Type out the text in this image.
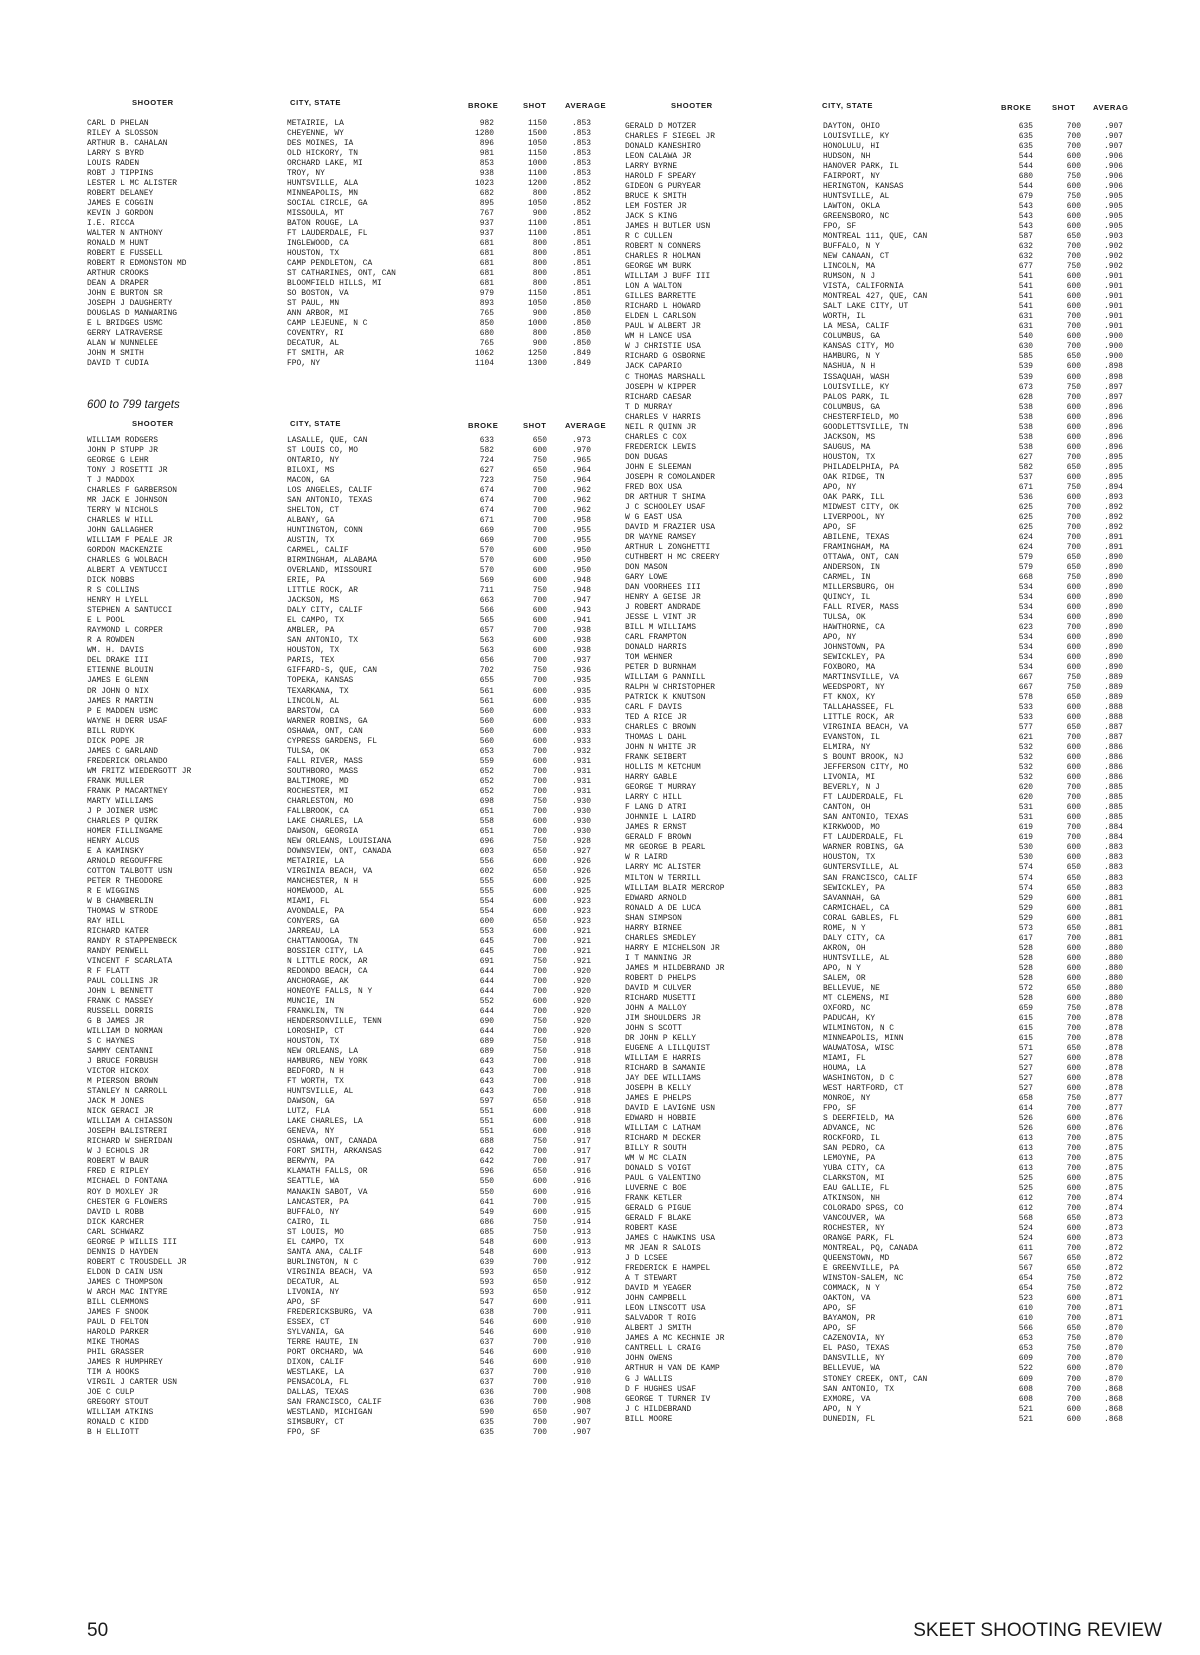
SHOOTER	CITY, STATE	BROKE	SHOT AVERAGE
CARL D PHELAN	METAIRIE, LA	982	1150	.853
RILEY A SLOSSON	CHEYENNE, WY	1280	1500	.853
ARTHUR B. CAHALAN	DES MOINES, IA	896	1050	.853
LARRY S BYRD	OLD HICKORY, TN	981	1150	.853
LOUIS RADEN	ORCHARD LAKE, MI	853	1000	.853
ROBT J TIPPINS	TROY, NY	938	1100	.853
LESTER L MC ALISTER	HUNTSVILLE, ALA	1023	1200	.852
ROBERT DELANEY	MINNEAPOLIS, MN	682	800	.852
JAMES E COGGIN	SOCIAL CIRCLE, GA	895	1050	.852
KEVIN J GORDON	MISSOULA, MT	767	900	.852
I.E. RICCA	BATON ROUGE, LA	937	1100	.851
WALTER N ANTHONY	FT LAUDERDALE, FL	937	1100	.851
RONALD M HUNT	INGLEWOOD, CA	681	800	.851
ROBERT E FUSSELL	HOUSTON, TX	681	800	.851
ROBERT R EDMONSTON MD	CAMP PENDLETON, CA	681	800	.851
ARTHUR CROOKS	ST CATHARINES, ONT, CAN	681	800	.851
DEAN A DRAPER	BLOOMFIELD HILLS, MI	681	800	.851
JOHN E BURTON SR	SO BOSTON, VA	979	1150	.851
JOSEPH J DAUGHERTY	ST PAUL, MN	893	1050	.850
DOUGLAS D MANWARING	ANN ARBOR, MI	765	900	.850
E L BRIDGES USMC	CAMP LEJEUNE, N C	850	1000	.850
GERRY LATRAVERSE	COVENTRY, RI	680	800	.850
ALAN W NUNNELEE	DECATUR, AL	765	900	.850
JOHN M SMITH	FT SMITH, AR	1062	1250	.849
DAVID T CUDIA	FPO, NY	1104	1300	.849
SHOOTER	CITY, STATE	BROKE	SHOT AVERAGE
WILLIAM RODGERS	LASALLE, QUE, CAN	633	650	.973
JOHN P STUPP JR	ST LOUIS CO, MO	582	600	.970
GEORGE G LEHR	ONTARIO, NY	724	750	.965
TONY J ROSETTI JR	BILOXI, MS	627	650	.964
T J MADDOX	MACON, GA	723	750	.964
CHARLES F GARBERSON	LOS ANGELES, CALIF	674	700	.962
MR JACK E JOHNSON	SAN ANTONIO, TEXAS	674	700	.962
TERRY W NICHOLS	SHELTON, CT	674	700	.962
CHARLES W HILL	ALBANY, GA	671	700	.958
JOHN GALLAGHER	HUNTINGTON, CONN	669	700	.955
WILLIAM F PEALE JR	AUSTIN, TX	669	700	.955
GORDON MACKENZIE	CARMEL, CALIF	570	600	.950
CHARLES G WOLBACH	BIRMINGHAM, ALABAMA	570	600	.950
ALBERT A VENTUCCI	OVERLAND, MISSOURI	570	600	.950
DICK NOBBS	ERIE, PA	569	600	.948
R S COLLINS	LITTLE ROCK, AR	711	750	.948
HENRY H LYELL	JACKSON, MS	663	700	.947
STEPHEN A SANTUCCI	DALY CITY, CALIF	566	600	.943
E L POOL	EL CAMPO, TX	565	600	.941
RAYMOND L CORPER	AMBLER, PA	657	700	.938
R A ROWDEN	SAN ANTONIO, TX	563	600	.938
WM. H. DAVIS	HOUSTON, TX	563	600	.938
DEL DRAKE III	PARIS, TEX	656	700	.937
ETIENNE BLOUIN	GIFFARD-S, QUE, CAN	702	750	.936
JAMES E GLENN	TOPEKA, KANSAS	655	700	.935
DR JOHN O NIX	TEXARKANA, TX	561	600	.935
JAMES R MARTIN	LINCOLN, AL	561	600	.935
P E MADDEN USMC	BARSTOW, CA	560	600	.933
WAYNE H DERR USAF	WARNER ROBINS, GA	560	600	.933
BILL RUDYK	OSHAWA, ONT, CAN	560	600	.933
DICK POPE JR	CYPRESS GARDENS, FL	560	600	.933
JAMES C GARLAND	TULSA, OK	653	700	.932
FREDERICK ORLANDO	FALL RIVER, MASS	559	600	.931
WM FRITZ WIEDERGOTT JR	SOUTHBORO, MASS	652	700	.931
FRANK MULLER	BALTIMORE, MD	652	700	.931
FRANK P MACARTNEY	ROCHESTER, MI	652	700	.931
MARTY WILLIAMS	CHARLESTON, MO	698	750	.930
J P JOINER USMC	FALLBROOK, CA	651	700	.930
CHARLES P QUIRK	LAKE CHARLES, LA	558	600	.930
HOMER FILLINGAME	DAWSON, GEORGIA	651	700	.930
HENRY ALCUS	NEW ORLEANS, LOUISIANA	696	750	.928
E A KAMINSKY	DOWNSVIEW, ONT, CANADA	603	650	.927
ARNOLD REGOUFFRE	METAIRIE, LA	556	600	.926
COTTON TALBOTT USN	VIRGINIA BEACH, VA	602	650	.926
PETER R THEODORE	MANCHESTER, N H	555	600	.925
R E WIGGINS	HOMEWOOD, AL	555	600	.925
W B CHAMBERLIN	MIAMI, FL	554	600	.923
THOMAS W STRODE	AVONDALE, PA	554	600	.923
RAY HILL	CONYERS, GA	600	650	.923
RICHARD KATER	JARREAU, LA	553	600	.921
RANDY R STAPPENBECK	CHATTANOOGA, TN	645	700	.921
RANDY PENWELL	BOSSIER CITY, LA	645	700	.921
VINCENT F SCARLATA	N LITTLE ROCK, AR	691	750	.921
R F FLATT	REDONDO BEACH, CA	644	700	.920
PAUL COLLINS JR	ANCHORAGE, AK	644	700	.920
JOHN L BENNETT	HONEOYE FALLS, N Y	644	700	.920
FRANK C MASSEY	MUNCIE, IN	552	600	.920
RUSSELL DORRIS	FRANKLIN, TN	644	700	.920
G B JAMES JR	HENDERSONVILLE, TENN	690	750	.920
WILLIAM D NORMAN	LOROSHIP, CT	644	700	.920
S C HAYNES	HOUSTON, TX	689	750	.918
SAMMY CENTANNI	NEW ORLEANS, LA	689	750	.918
J BRUCE FORBUSH	HAMBURG, NEW YORK	643	700	.918
VICTOR HICKOX	BEDFORD, N H	643	700	.918
M PIERSON BROWN	FT WORTH, TX	643	700	.918
STANLEY N CARROLL	HUNTSVILLE, AL	643	700	.918
JACK M JONES	DAWSON, GA	597	650	.918
NICK GERACI JR	LUTZ, FLA	551	600	.918
WILLIAM A CHIASSON	LAKE CHARLES, LA	551	600	.918
JOSEPH BALISTRERI	GENEVA, NY	551	600	.918
RICHARD W SHERIDAN	OSHAWA, ONT, CANADA	688	750	.917
W J ECHOLS JR	FORT SMITH, ARKANSAS	642	700	.917
ROBERT W BAUR	BERWYN, PA	642	700	.917
FRED E RIPLEY	KLAMATH FALLS, OR	596	650	.916
MICHAEL D FONTANA	SEATTLE, WA	550	600	.916
ROY D MOXLEY JR	MANAKIN SABOT, VA	550	600	.916
CHESTER G FLOWERS	LANCASTER, PA	641	700	.915
DAVID L ROBB	BUFFALO, NY	549	600	.915
DICK KARCHER	CAIRO, IL	686	750	.914
CARL SCHWARZ	ST LOUIS, MO	685	750	.913
GEORGE P WILLIS III	EL CAMPO, TX	548	600	.913
DENNIS D HAYDEN	SANTA ANA, CALIF	548	600	.913
ROBERT C TROUSDELL JR	BURLINGTON, N C	639	700	.912
ELDON D CAIN USN	VIRGINIA BEACH, VA	593	650	.912
JAMES C THOMPSON	DECATUR, AL	593	650	.912
W ARCH MAC INTYRE	LIVONIA, NY	593	650	.912
BILL CLEMMONS	APO, SF	547	600	.911
JAMES F SNOOK	FREDERICKSBURG, VA	638	700	.911
PAUL D FELTON	ESSEX, CT	546	600	.910
HAROLD PARKER	SYLVANIA, GA	546	600	.910
MIKE THOMAS	TERRE HAUTE, IN	637	700	.910
PHIL GRASSER	PORT ORCHARD, WA	546	600	.910
JAMES R HUMPHREY	DIXON, CALIF	546	600	.910
TIM A HOOKS	WESTLAKE, LA	637	700	.910
VIRGIL J CARTER USN	PENSACOLA, FL	637	700	.910
JOE C CULP	DALLAS, TEXAS	636	700	.908
GREGORY STOUT	SAN FRANCISCO, CALIF	636	700	.908
WILLIAM ATKINS	WESTLAND, MICHIGAN	590	650	.907
RONALD C KIDD	SIMSBURY, CT	635	700	.907
B H ELLIOTT	FPO, SF	635	700	.907
600 to 799 targets
SHOOTER	CITY, STATE	BROKE	SHOT AVERAG
GERALD D MOTZER	DAYTON, OHIO	635	700	.907
CHARLES F SIEGEL JR	LOUISVILLE, KY	635	700	.907
DONALD KANESHIRO	HONOLULU, HI	635	700	.907
LEON CALAWA JR	HUDSON, NH	544	600	.906
LARRY BYRNE	HANOVER PARK, IL	544	600	.906
HAROLD F SPEARY	FAIRPORT, NY	680	750	.906
GIDEON G PURYEAR	HERINGTON, KANSAS	544	600	.906
BRUCE K SMITH	HUNTSVILLE, AL	679	750	.905
LEM FOSTER JR	LAWTON, OKLA	543	600	.905
JACK S KING	GREENSBORO, NC	543	600	.905
JAMES H BUTLER USN	FPO, SF	543	600	.905
R C CULLEN	MONTREAL 111, QUE, CAN	587	650	.903
ROBERT N CONNERS	BUFFALO, N Y	632	700	.902
CHARLES R HOLMAN	NEW CANAAN, CT	632	700	.902
GEORGE WM BURK	LINCOLN, MA	677	750	.902
WILLIAM J BUFF III	RUMSON, N J	541	600	.901
LON A WALTON	VISTA, CALIFORNIA	541	600	.901
GILLES BARRETTE	MONTREAL 427, QUE, CAN	541	600	.901
RICHARD L HOWARD	SALT LAKE CITY, UT	541	600	.901
ELDEN L CARLSON	WORTH, IL	631	700	.901
PAUL W ALBERT JR	LA MESA, CALIF	631	700	.901
WM H LANCE USA	COLUMBUS, GA	540	600	.900
W J CHRISTIE USA	KANSAS CITY, MO	630	700	.900
RICHARD G OSBORNE	HAMBURG, N Y	585	650	.900
JACK CAPARIO	NASHUA, N H	539	600	.898
C THOMAS MARSHALL	ISSAQUAH, WASH	539	600	.898
JOSEPH W KIPPER	LOUISVILLE, KY	673	750	.897
RICHARD CAESAR	PALOS PARK, IL	628	700	.897
T D MURRAY	COLUMBUS, GA	538	600	.896
CHARLES V HARRIS	CHESTERFIELD, MO	538	600	.896
NEIL R QUINN JR	GOODLETTSVILLE, TN	538	600	.896
CHARLES C COX	JACKSON, MS	538	600	.896
FREDERICK LEWIS	SAUGUS, MA	538	600	.896
DON DUGAS	HOUSTON, TX	627	700	.895
JOHN E SLEEMAN	PHILADELPHIA, PA	582	650	.895
JOSEPH R COMOLANDER	OAK RIDGE, TN	537	600	.895
FRED BOX USA	APO, NY	671	750	.894
DR ARTHUR T SHIMA	OAK PARK, ILL	536	600	.893
J C SCHOOLEY USAF	MIDWEST CITY, OK	625	700	.892
W G EAST USA	LIVERPOOL, NY	625	700	.892
DAVID M FRAZIER USA	APO, SF	625	700	.892
DR WAYNE RAMSEY	ABILENE, TEXAS	624	700	.891
ARTHUR L ZONGHETTI	FRAMINGHAM, MA	624	700	.891
CUTHBERT H MC CREERY	OTTAWA, ONT, CAN	579	650	.890
DON MASON	ANDERSON, IN	579	650	.890
GARY LOWE	CARMEL, IN	668	750	.890
DAN VOORHEES III	MILLERSBURG, OH	534	600	.890
HENRY A GEISE JR	QUINCY, IL	534	600	.890
J ROBERT ANDRADE	FALL RIVER, MASS	534	600	.890
JESSE L VINT JR	TULSA, OK	534	600	.890
BILL M WILLIAMS	HAWTHORNE, CA	623	700	.890
CARL FRAMPTON	APO, NY	534	600	.890
DONALD HARRIS	JOHNSTOWN, PA	534	600	.890
TOM WEHNER	SEWICKLEY, PA	534	600	.890
PETER D BURNHAM	FOXBORO, MA	534	600	.890
WILLIAM G PANNILL	MARTINSVILLE, VA	667	750	.889
RALPH W CHRISTOPHER	WEEDSPORT, NY	667	750	.889
PATRICK K KNUTSON	FT KNOX, KY	578	650	.889
CARL F DAVIS	TALLAHASSEE, FL	533	600	.888
TED A RICE JR	LITTLE ROCK, AR	533	600	.888
CHARLES C BROWN	VIRGINIA BEACH, VA	577	650	.887
THOMAS L DAHL	EVANSTON, IL	621	700	.887
JOHN N WHITE JR	ELMIRA, NY	532	600	.886
FRANK SEIBERT	S BOUNT BROOK, NJ	532	600	.886
HOLLIS M KETCHUM	JEFFERSON CITY, MO	532	600	.886
HARRY GABLE	LIVONIA, MI	532	600	.886
GEORGE T MURRAY	BEVERLY, N J	620	700	.885
LARRY C HILL	FT LAUDERDALE, FL	620	700	.885
F LANG D ATRI	CANTON, OH	531	600	.885
JOHNNIE L LAIRD	SAN ANTONIO, TEXAS	531	600	.885
JAMES R ERNST	KIRKWOOD, MO	619	700	.884
GERALD F BROWN	FT LAUDERDALE, FL	619	700	.884
MR GEORGE B PEARL	WARNER ROBINS, GA	530	600	.883
W R LAIRD	HOUSTON, TX	530	600	.883
LARRY MC ALISTER	GUNTERSVILLE, AL	574	650	.883
MILTON W TERRILL	SAN FRANCISCO, CALIF	574	650	.883
WILLIAM BLAIR MERCROP	SEWICKLEY, PA	574	650	.883
EDWARD ARNOLD	SAVANNAH, GA	529	600	.881
RONALD A DE LUCA	CARMICHAEL, CA	529	600	.881
SHAN SIMPSON	CORAL GABLES, FL	529	600	.881
HARRY BIRNEE	ROME, N Y	573	650	.881
CHARLES SMEDLEY	DALY CITY, CA	617	700	.881
HARRY E MICHELSON JR	AKRON, OH	528	600	.880
I T MANNING JR	HUNTSVILLE, AL	528	600	.880
JAMES M HILDEBRAND JR	APO, N Y	528	600	.880
ROBERT D PHELPS	SALEM, OR	528	600	.880
DAVID M CULVER	BELLEVUE, NE	572	650	.880
RICHARD MUSETTI	MT CLEMENS, MI	528	600	.880
JOHN A MALLOY	OXFORD, NC	659	750	.878
JIM SHOULDERS JR	PADUCAH, KY	615	700	.878
JOHN S SCOTT	WILMINGTON, N C	615	700	.878
DR JOHN P KELLY	MINNEAPOLIS, MINN	615	700	.878
EUGENE A LILLQUIST	WAUWATOSA, WISC	571	650	.878
WILLIAM E HARRIS	MIAMI, FL	527	600	.878
RICHARD B SAMANIE	HOUMA, LA	527	600	.878
JAY DEE WILLIAMS	WASHINGTON, D C	527	600	.878
JOSEPH B KELLY	WEST HARTFORD, CT	527	600	.878
JAMES E PHELPS	MONROE, NY	658	750	.877
DAVID E LAVIGNE USN	FPO, SF	614	700	.877
EDWARD H HOBBIE	S DEERFIELD, MA	526	600	.876
WILLIAM C LATHAM	ADVANCE, NC	526	600	.876
RICHARD M DECKER	ROCKFORD, IL	613	700	.875
BILLY R SOUTH	SAN PEDRO, CA	613	700	.875
WM W MC CLAIN	LEMOYNE, PA	613	700	.875
DONALD S VOIGT	YUBA CITY, CA	613	700	.875
PAUL G VALENTINO	CLARKSTON, MI	525	600	.875
LUVERNE C BOE	EAU GALLIE, FL	525	600	.875
FRANK KETLER	ATKINSON, NH	612	700	.874
GERALD G PIGUE	COLORADO SPGS, CO	612	700	.874
GERALD F BLAKE	VANCOUVER, WA	568	650	.873
ROBERT KASE	ROCHESTER, NY	524	600	.873
JAMES C HAWKINS USA	ORANGE PARK, FL	524	600	.873
MR JEAN R SALOIS	MONTREAL, PQ, CANADA	611	700	.872
J D LCSEE	QUEENSTOWN, MD	567	650	.872
FREDERICK E HAMPEL	E GREENVILLE, PA	567	650	.872
A T STEWART	WINSTON-SALEM, NC	654	750	.872
DAVID M YEAGER	COMMACK, N Y	654	750	.872
JOHN CAMPBELL	OAKTON, VA	523	600	.871
LEON LINSCOTT USA	APO, SF	610	700	.871
SALVADOR T ROIG	BAYAMON, PR	610	700	.871
ALBERT J SMITH	APO, SF	566	650	.870
JAMES A MC KECHNIE JR	CAZENOVIA, NY	653	750	.870
CANTRELL L CRAIG	EL PASO, TEXAS	653	750	.870
JOHN OWENS	DANSVILLE, NY	609	700	.870
ARTHUR H VAN DE KAMP	BELLEVUE, WA	522	600	.870
G J WALLIS	STONEY CREEK, ONT, CAN	609	700	.870
D F HUGHES USAF	SAN ANTONIO, TX	608	700	.868
GEORGE T TURNER IV	EXMORE, VA	608	700	.868
J C HILDEBRAND	APO, N Y	521	600	.868
BILL MOORE	DUNEDIN, FL	521	600	.868
50	SKEET SHOOTING REVIEW
